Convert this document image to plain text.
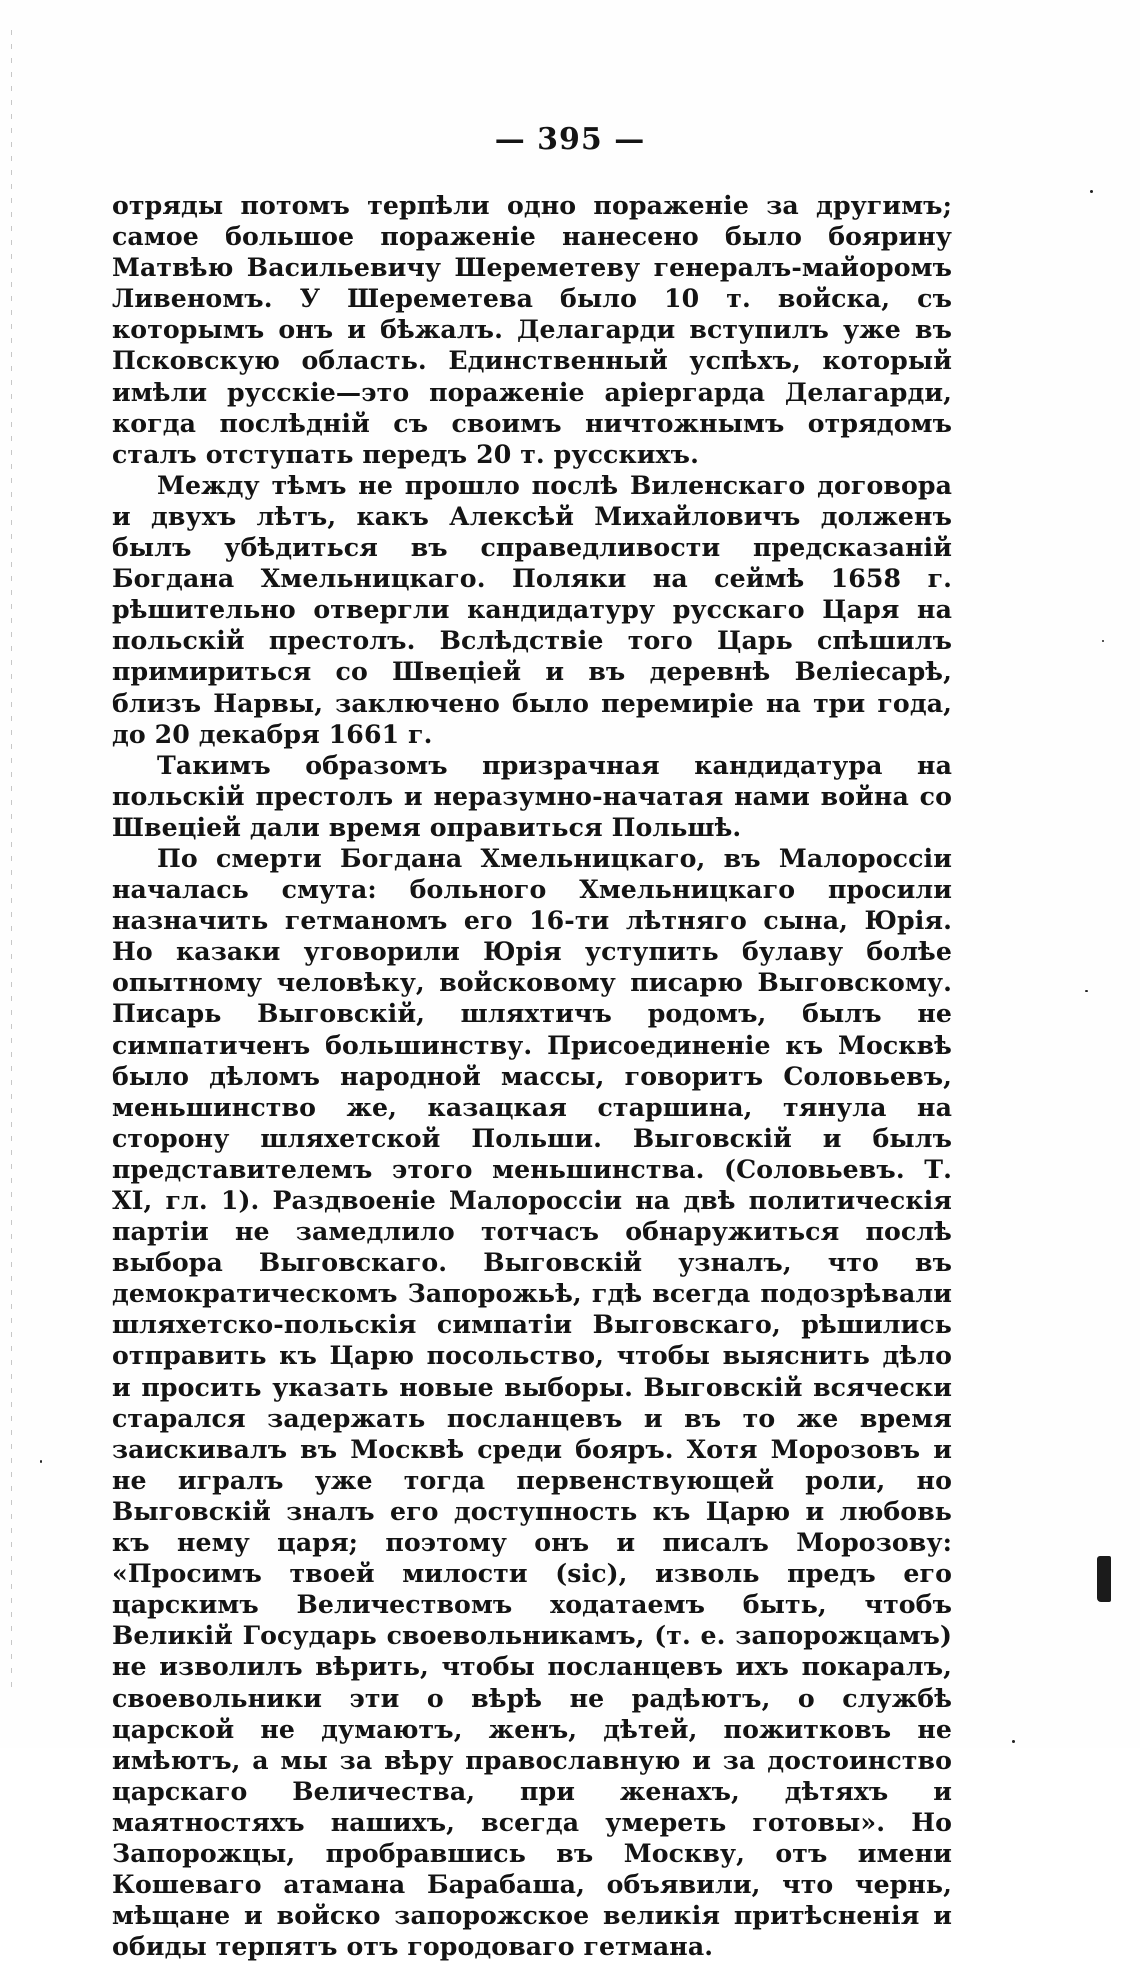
— 395 —

отряды потомъ терпѣли одно пораженіе за другимъ; самое большое пораженіе нанесено было боярину Матвѣю Васильевичу Шереметеву генералъ-майоромъ Ливеномъ. У Шереметева было 10 т. войска, съ которымъ онъ и бѣжалъ. Делагарди вступилъ уже въ Псковскую область. Единственный успѣхъ, который имѣли русскіе—это пораженіе аріергарда Делагарди, когда послѣдній съ своимъ ничтожнымъ отрядомъ сталъ отступать передъ 20 т. русскихъ.

Между тѣмъ не прошло послѣ Виленскаго договора и двухъ лѣтъ, какъ Алексѣй Михайловичъ долженъ былъ убѣдиться въ справедливости предсказаній Богдана Хмельницкаго. Поляки на сеймѣ 1658 г. рѣшительно отвергли кандидатуру русскаго Царя на польскій престолъ. Вслѣдствіе того Царь спѣшилъ примириться со Швеціей и въ деревнѣ Веліесарѣ, близъ Нарвы, заключено было перемиріе на три года, до 20 декабря 1661 г.

Такимъ образомъ призрачная кандидатура на польскій престолъ и неразумно-начатая нами война со Швеціей дали время оправиться Польшѣ.

По смерти Богдана Хмельницкаго, въ Малороссіи началась смута: больного Хмельницкаго просили назначить гетманомъ его 16-ти лѣтняго сына, Юрія. Но казаки уговорили Юрія уступить булаву болѣе опытному человѣку, войсковому писарю Выговскому. Писарь Выговскій, шляхтичъ родомъ, былъ не симпатиченъ большинству. Присоединеніе къ Москвѣ было дѣломъ народной массы, говоритъ Соловьевъ, меньшинство же, казацкая старшина, тянула на сторону шляхетской Польши. Выговскій и былъ представителемъ этого меньшинства. (Соловьевъ. Т. XI, гл. 1). Раздвоеніе Малороссіи на двѣ политическія партіи не замедлило тотчасъ обнаружиться послѣ выбора Выговскаго. Выговскій узналъ, что въ демократическомъ Запорожьѣ, гдѣ всегда подозрѣвали шляхетско-польскія симпатіи Выговскаго, рѣшились отправить къ Царю посольство, чтобы выяснить дѣло и просить указать новые выборы. Выговскій всячески старался задержать посланцевъ и въ то же время заискивалъ въ Москвѣ среди бояръ. Хотя Морозовъ и не игралъ уже тогда первенствующей роли, но Выговскій зналъ его доступность къ Царю и любовь къ нему царя; поэтому онъ и писалъ Морозову: «Просимъ твоей милости (sic), изволь предъ его царскимъ Величествомъ ходатаемъ быть, чтобъ Великій Государь своевольникамъ, (т. е. запорожцамъ) не изволилъ вѣрить, чтобы посланцевъ ихъ покаралъ, своевольники эти о вѣрѣ не радѣютъ, о службѣ царской не думаютъ, женъ, дѣтей, пожитковъ не имѣютъ, а мы за вѣру православную и за достоинство царскаго Величества, при женахъ, дѣтяхъ и маятностяхъ нашихъ, всегда умереть готовы». Но Запорожцы, пробравшись въ Москву, отъ имени Кошеваго атамана Барабаша, объявили, что чернь, мѣщане и войско запорожское великія притѣсненія и обиды терпятъ отъ городоваго гетмана.
